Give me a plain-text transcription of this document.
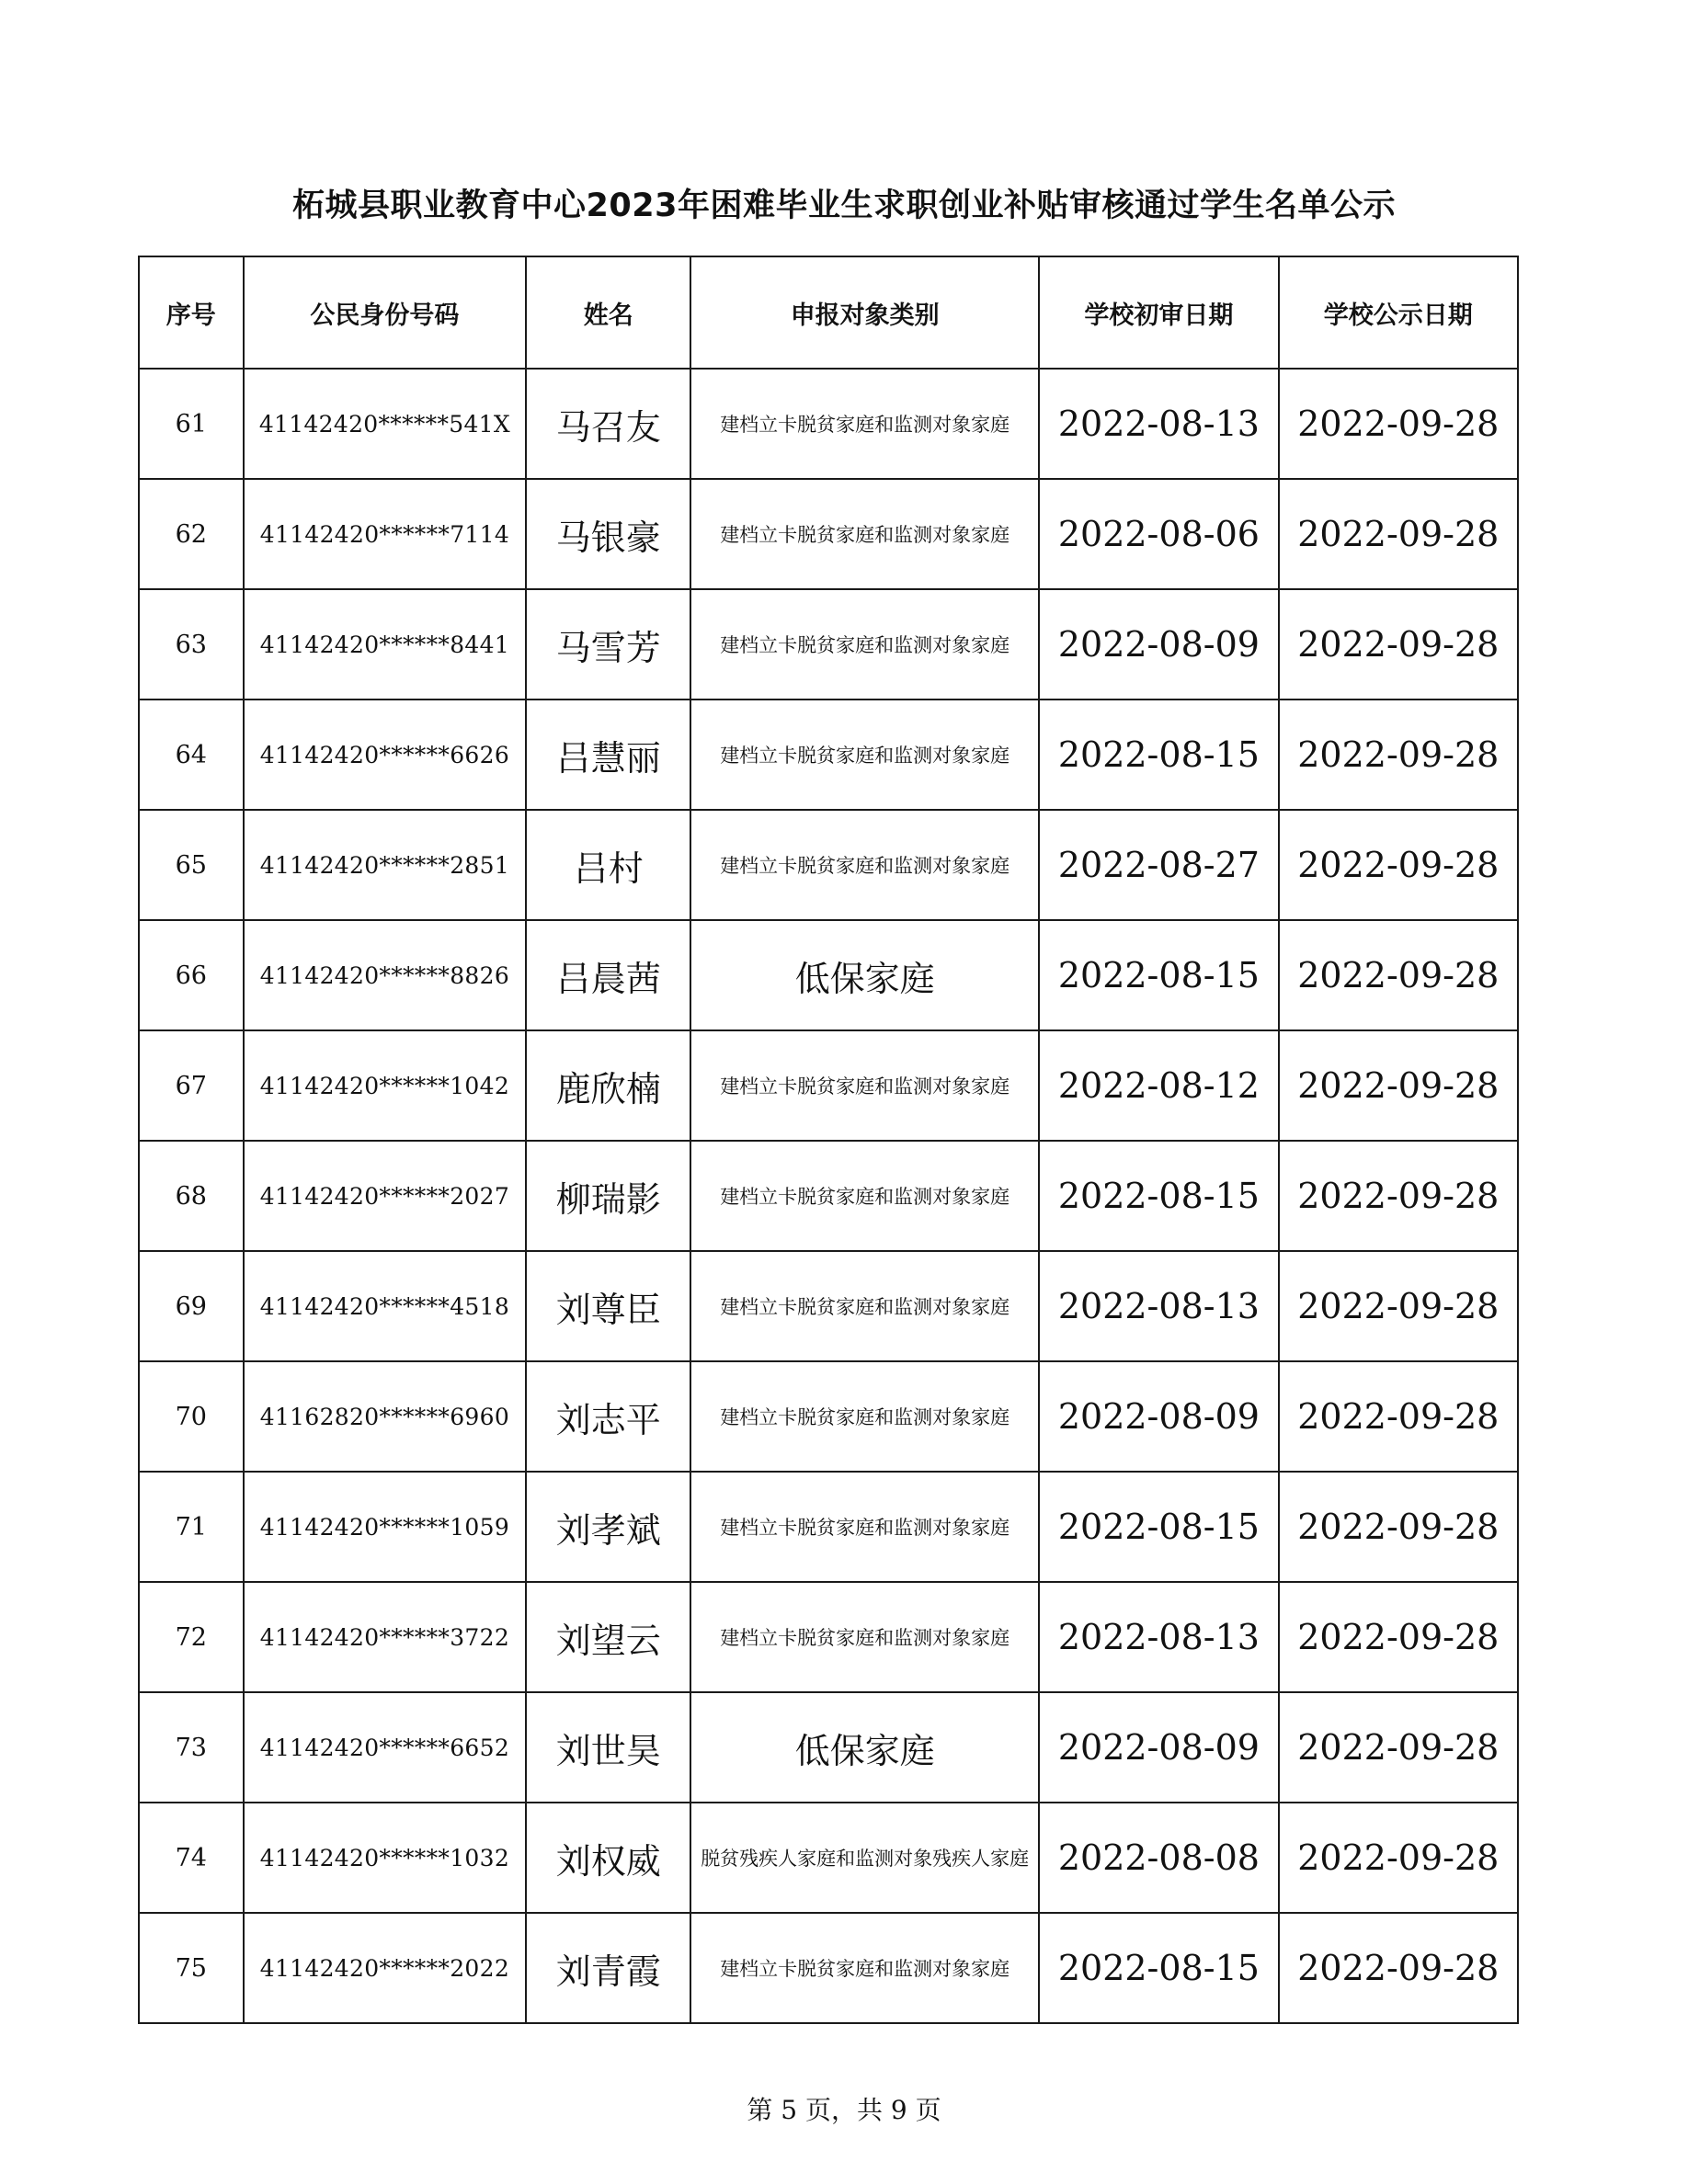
柘城县职业教育中心2023年困难毕业生求职创业补贴审核通过学生名单公示
序号	公民身份号码	姓名	申报对象类别	学校初审日期	学校公示日期
61	41142420******541X	马召友	建档立卡脱贫家庭和监测对象家庭	2022-08-13	2022-09-28
62	41142420******7114	马银豪	建档立卡脱贫家庭和监测对象家庭	2022-08-06	2022-09-28
63	41142420******8441	马雪芳	建档立卡脱贫家庭和监测对象家庭	2022-08-09	2022-09-28
64	41142420******6626	吕慧丽	建档立卡脱贫家庭和监测对象家庭	2022-08-15	2022-09-28
65	41142420******2851	吕村	建档立卡脱贫家庭和监测对象家庭	2022-08-27	2022-09-28
66	41142420******8826	吕晨茜	低保家庭	2022-08-15	2022-09-28
67	41142420******1042	鹿欣楠	建档立卡脱贫家庭和监测对象家庭	2022-08-12	2022-09-28
68	41142420******2027	柳瑞影	建档立卡脱贫家庭和监测对象家庭	2022-08-15	2022-09-28
69	41142420******4518	刘尊臣	建档立卡脱贫家庭和监测对象家庭	2022-08-13	2022-09-28
70	41162820******6960	刘志平	建档立卡脱贫家庭和监测对象家庭	2022-08-09	2022-09-28
71	41142420******1059	刘孝斌	建档立卡脱贫家庭和监测对象家庭	2022-08-15	2022-09-28
72	41142420******3722	刘望云	建档立卡脱贫家庭和监测对象家庭	2022-08-13	2022-09-28
73	41142420******6652	刘世昊	低保家庭	2022-08-09	2022-09-28
74	41142420******1032	刘权威	脱贫残疾人家庭和监测对象残疾人家庭	2022-08-08	2022-09-28
75	41142420******2022	刘青霞	建档立卡脱贫家庭和监测对象家庭	2022-08-15	2022-09-28
第 5 页，共 9 页
